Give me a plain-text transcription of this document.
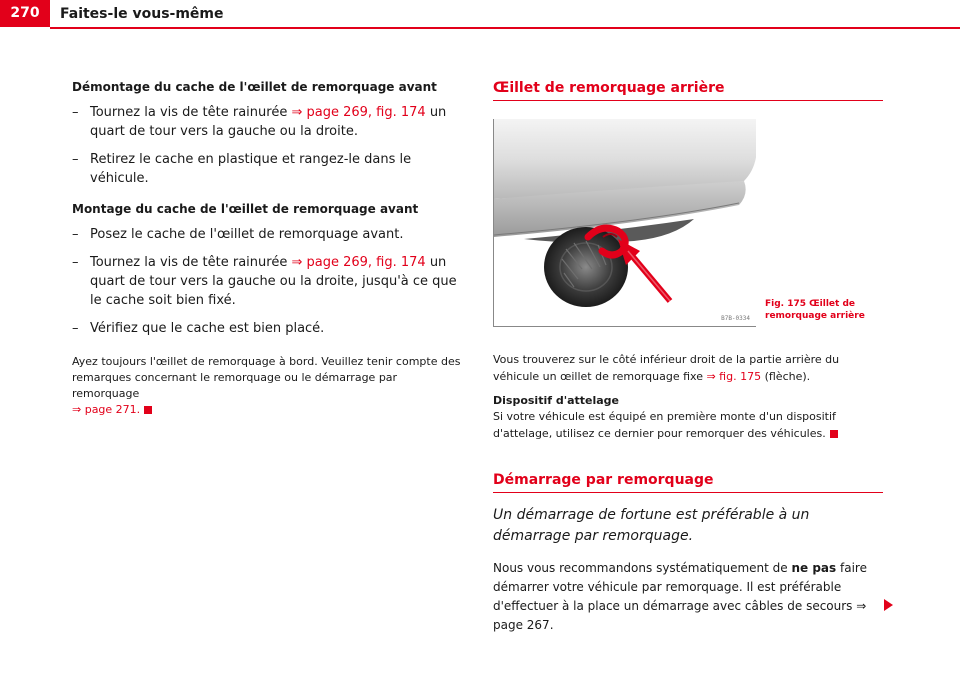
270	Faites-le vous-même
Démontage du cache de l'œillet de remorquage avant
– Tournez la vis de tête rainurée ⇒ page 269, fig. 174 un quart de tour vers la gauche ou la droite.
– Retirez le cache en plastique et rangez-le dans le véhicule.
Montage du cache de l'œillet de remorquage avant
– Posez le cache de l'œillet de remorquage avant.
– Tournez la vis de tête rainurée ⇒ page 269, fig. 174 un quart de tour vers la gauche ou la droite, jusqu'à ce que le cache soit bien fixé.
– Vérifiez que le cache est bien placé.
Ayez toujours l'œillet de remorquage à bord. Veuillez tenir compte des remarques concernant le remorquage ou le démarrage par remorquage
⇒ page 271.
Œillet de remorquage arrière
B7B-0334
Fig. 175 Œillet de remorquage arrière
Vous trouverez sur le côté inférieur droit de la partie arrière du véhicule un œillet de remorquage fixe ⇒ fig. 175 (flèche).
Dispositif d'attelage
Si votre véhicule est équipé en première monte d'un dispositif d'attelage, utilisez ce dernier pour remorquer des véhicules.
Démarrage par remorquage
Un démarrage de fortune est préférable à un démarrage par remorquage.
Nous vous recommandons systématiquement de ne pas faire démarrer votre véhicule par remorquage. Il est préférable d'effectuer à la place un démarrage avec câbles de secours ⇒ page 267.
